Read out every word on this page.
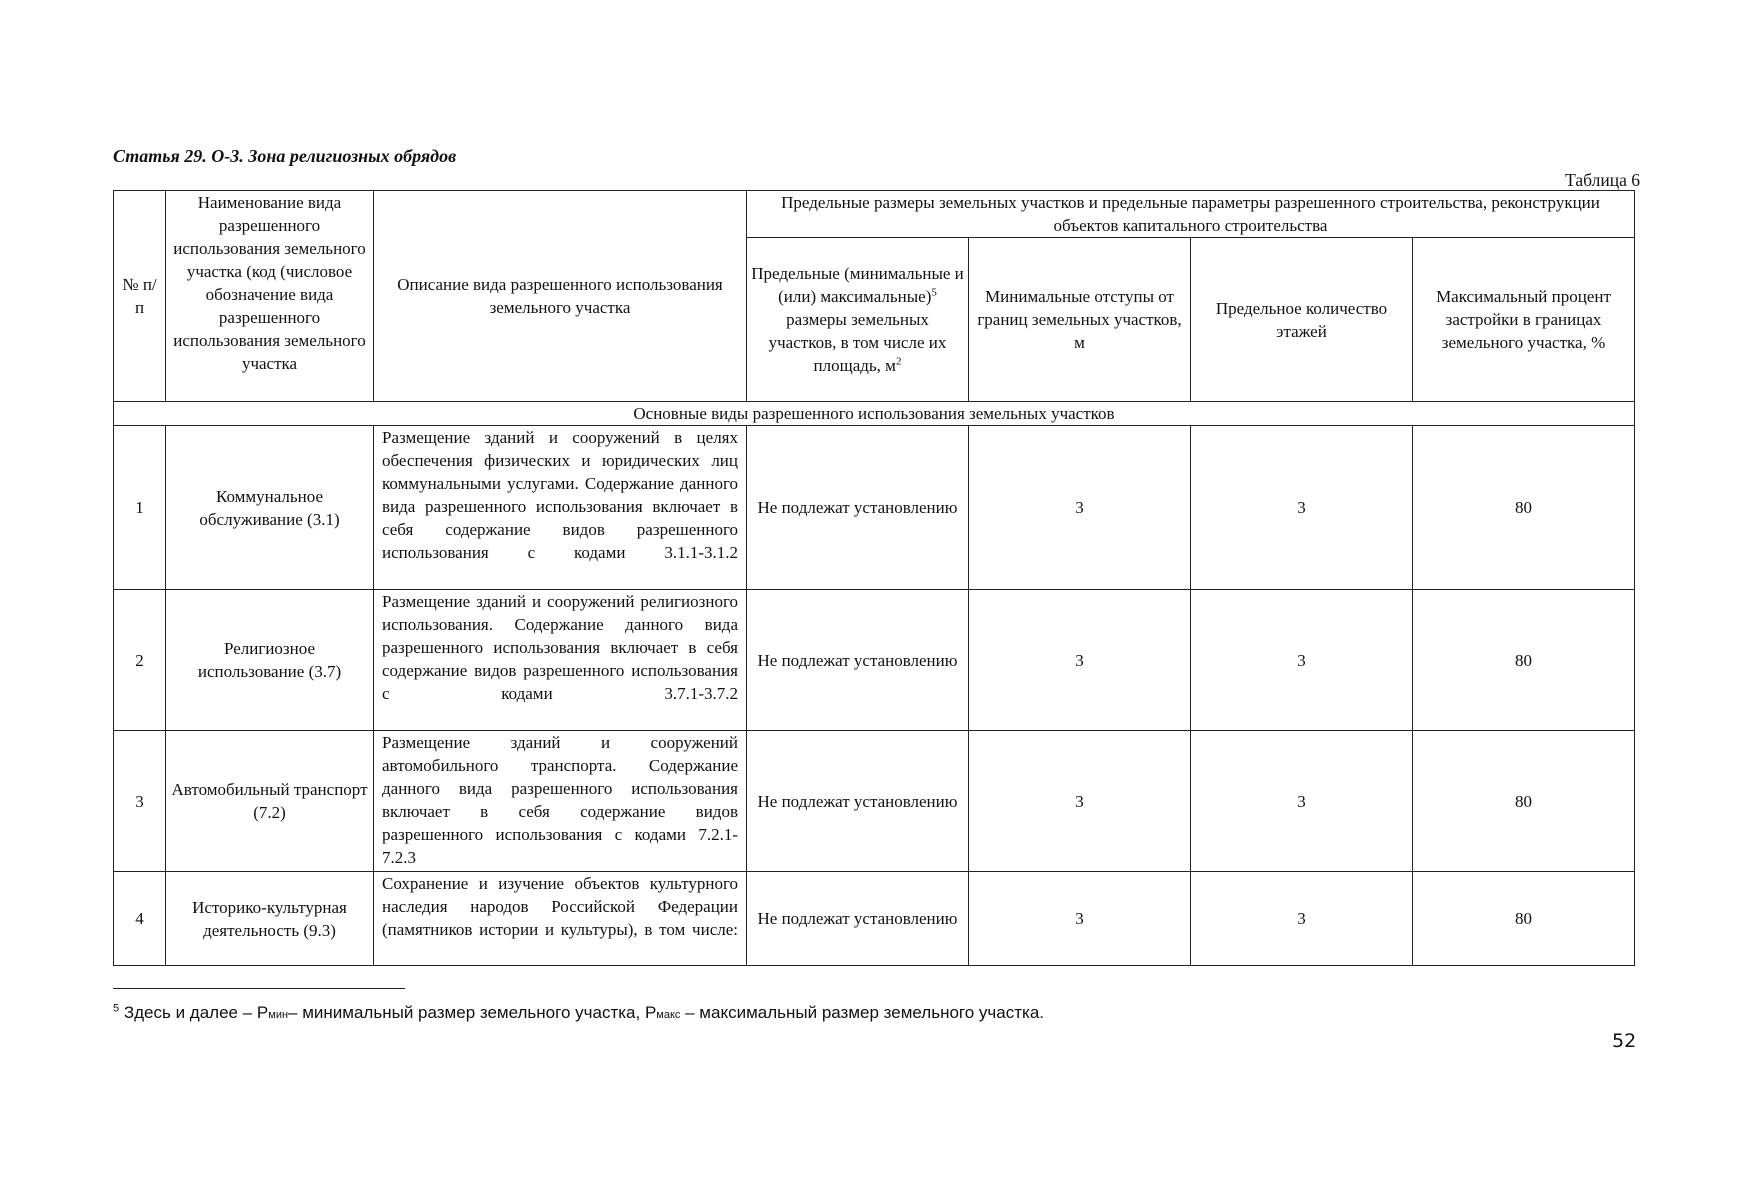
Статья 29. О-3. Зона религиозных обрядов
Таблица 6
№ п/п	Наименование вида разрешенного использования земельного участка (код (числовое обозначение вида разрешенного использования земельного участка	Описание вида разрешенного использования земельного участка	Предельные размеры земельных участков и предельные параметры разрешенного строительства, реконструкции объектов капитального строительства			
			Предельные (минимальные и (или) максимальные)$^5$ размеры земельных участков, в том числе их площадь, $м^2$	Минимальные отступы от границ земельных участков, м	Предельное количество этажей	Максимальный процент застройки в границах земельного участка, %
Основные виды разрешенного использования земельных участков						
1	Коммунальное обслуживание (3.1)	Размещение зданий и сооружений в целях обеспечения физических и юридических лиц коммунальными услугами. Содержание данного вида разрешенного использования включает в себя содержание видов разрешенного использования с кодами 3.1.1-3.1.2	Не подлежат установлению	3	3	80
2	Религиозное использование (3.7)	Размещение зданий и сооружений религиозного использования. Содержание данного вида разрешенного использования включает в себя содержание видов разрешенного использования с кодами 3.7.1-3.7.2	Не подлежат установлению	3	3	80
3	Автомобильный транспорт (7.2)	Размещение зданий и сооружений автомобильного транспорта. Содержание данного вида разрешенного использования включает в себя содержание видов разрешенного использования с кодами 7.2.1-7.2.3	Не подлежат установлению	3	3	80
4	Историко-культурная деятельность (9.3)	Сохранение и изучение объектов культурного наследия народов Российской Федерации (памятников истории и культуры), в том числе:	Не подлежат установлению	3	3	80
$^5$ Здесь и далее – Pмин– минимальный размер земельного участка, Pмакс – максимальный размер земельного участка.
52
